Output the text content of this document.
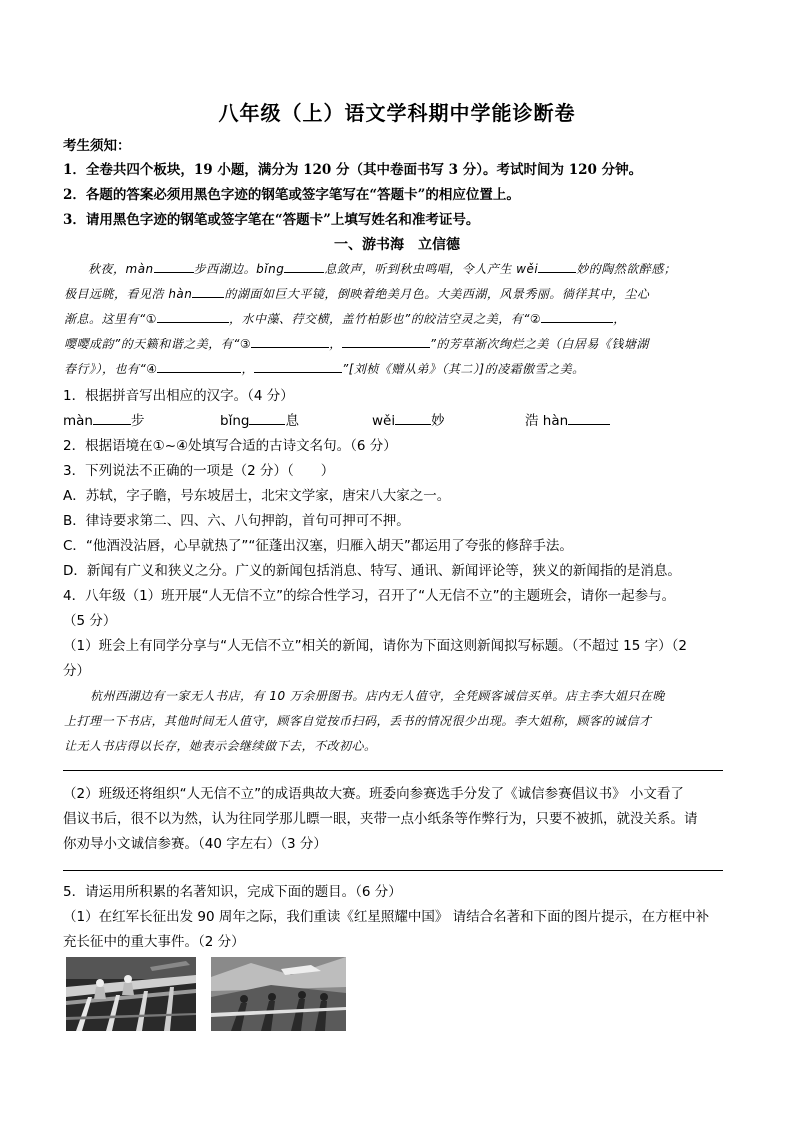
八年级（上）语文学科期中学能诊断卷
考生须知：
1．全卷共四个板块，19 小题，满分为 120 分（其中卷面书写 3 分）。考试时间为 120 分钟。
2．各题的答案必须用黑色字迹的钢笔或签字笔写在“答题卡”的相应位置上。
3．请用黑色字迹的钢笔或签字笔在“答题卡”上填写姓名和准考证号。
一、游书海　立信德
秋夜，màn	步西湖边。bǐng	息敛声，听到秋虫鸣唱，令人产生 wěi	妙的陶然欲醉感；
极目远眺，看见浩 hàn	的湖面如巨大平镜，倒映着绝美月色。大美西湖，风景秀丽。徜徉其中，尘心
渐息。这里有“①	，水中藻、荇交横，盖竹柏影也”的皎洁空灵之美，有“②	，
嘤嘤成韵”的天籁和谐之美，有“③	，	”的芳草渐次绚烂之美（白居易《钱塘湖
春行》），也有“④	，	”[刘桢《赠从弟》（其二）]的凌霜傲雪之美。
1．根据拼音写出相应的汉字。（4 分）
màn	步	bǐng	息	wěi	妙	浩 hàn
2．根据语境在①~④处填写合适的古诗文名句。（6 分）
3．下列说法不正确的一项是（2 分）（　　）
A．苏轼，字子瞻，号东坡居士，北宋文学家，唐宋八大家之一。
B．律诗要求第二、四、六、八句押韵，首句可押可不押。
C．“他酒没沾唇，心早就热了”“征蓬出汉塞，归雁入胡天”都运用了夸张的修辞手法。
D．新闻有广义和狭义之分。广义的新闻包括消息、特写、通讯、新闻评论等，狭义的新闻指的是消息。
4．八年级（1）班开展“人无信不立”的综合性学习，召开了“人无信不立”的主题班会，请你一起参与。
（5 分）
（1）班会上有同学分享与“人无信不立”相关的新闻，请你为下面这则新闻拟写标题。（不超过 15 字）（2
分）
杭州西湖边有一家无人书店，有 10 万余册图书。店内无人值守，全凭顾客诚信买单。店主李大姐只在晚
上打理一下书店，其他时间无人值守，顾客自觉按币扫码，丢书的情况很少出现。李大姐称，顾客的诚信才
让无人书店得以长存，她表示会继续做下去，不改初心。
（2）班级还将组织“人无信不立”的成语典故大赛。班委向参赛选手分发了《诚信参赛倡议书》 小文看了
倡议书后，很不以为然，认为往同学那儿瞟一眼，夹带一点小纸条等作弊行为，只要不被抓，就没关系。请
你劝导小文诚信参赛。（40 字左右）（3 分）
5．请运用所积累的名著知识，完成下面的题目。（6 分）
（1）在红军长征出发 90 周年之际，我们重读《红星照耀中国》 请结合名著和下面的图片提示，在方框中补
充长征中的重大事件。（2 分）
